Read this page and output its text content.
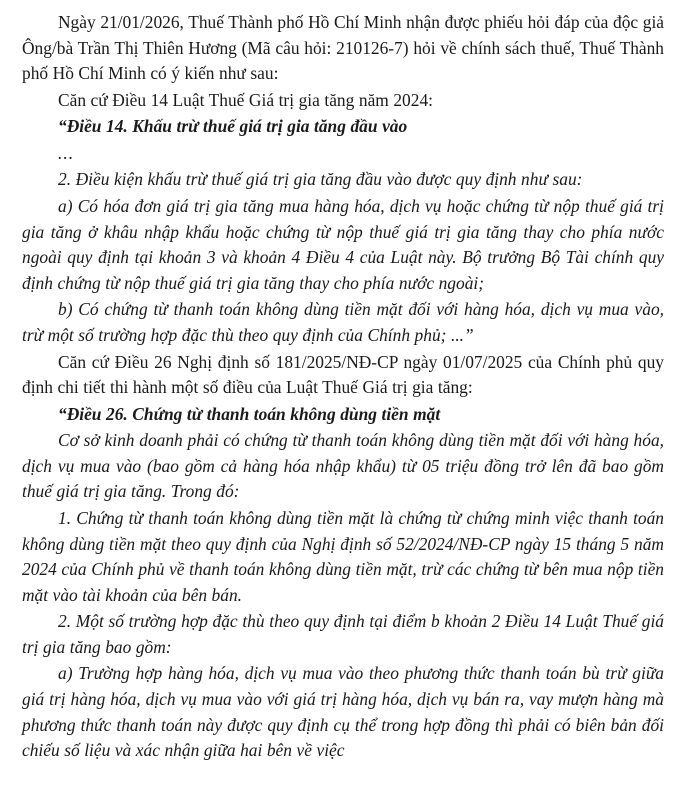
Ngày 21/01/2026, Thuế Thành phố Hồ Chí Minh nhận được phiếu hỏi đáp của độc giả Ông/bà Trần Thị Thiên Hương (Mã câu hỏi: 210126-7) hỏi về chính sách thuế, Thuế Thành phố Hồ Chí Minh có ý kiến như sau:

Căn cứ Điều 14 Luật Thuế Giá trị gia tăng năm 2024:

“Điều 14. Khấu trừ thuế giá trị gia tăng đầu vào

...

2. Điều kiện khấu trừ thuế giá trị gia tăng đầu vào được quy định như sau:

a) Có hóa đơn giá trị gia tăng mua hàng hóa, dịch vụ hoặc chứng từ nộp thuế giá trị gia tăng ở khâu nhập khẩu hoặc chứng từ nộp thuế giá trị gia tăng thay cho phía nước ngoài quy định tại khoản 3 và khoản 4 Điều 4 của Luật này. Bộ trưởng Bộ Tài chính quy định chứng từ nộp thuế giá trị gia tăng thay cho phía nước ngoài;

b) Có chứng từ thanh toán không dùng tiền mặt đối với hàng hóa, dịch vụ mua vào, trừ một số trường hợp đặc thù theo quy định của Chính phủ; ...”

Căn cứ Điều 26 Nghị định số 181/2025/NĐ-CP ngày 01/07/2025 của Chính phủ quy định chi tiết thi hành một số điều của Luật Thuế Giá trị gia tăng:

“Điều 26. Chứng từ thanh toán không dùng tiền mặt

Cơ sở kinh doanh phải có chứng từ thanh toán không dùng tiền mặt đối với hàng hóa, dịch vụ mua vào (bao gồm cả hàng hóa nhập khẩu) từ 05 triệu đồng trở lên đã bao gồm thuế giá trị gia tăng. Trong đó:

1. Chứng từ thanh toán không dùng tiền mặt là chứng từ chứng minh việc thanh toán không dùng tiền mặt theo quy định của Nghị định số 52/2024/NĐ-CP ngày 15 tháng 5 năm 2024 của Chính phủ về thanh toán không dùng tiền mặt, trừ các chứng từ bên mua nộp tiền mặt vào tài khoản của bên bán.

2. Một số trường hợp đặc thù theo quy định tại điểm b khoản 2 Điều 14 Luật Thuế giá trị gia tăng bao gồm:

a) Trường hợp hàng hóa, dịch vụ mua vào theo phương thức thanh toán bù trừ giữa giá trị hàng hóa, dịch vụ mua vào với giá trị hàng hóa, dịch vụ bán ra, vay mượn hàng mà phương thức thanh toán này được quy định cụ thể trong hợp đồng thì phải có biên bản đối chiếu số liệu và xác nhận giữa hai bên về việc
